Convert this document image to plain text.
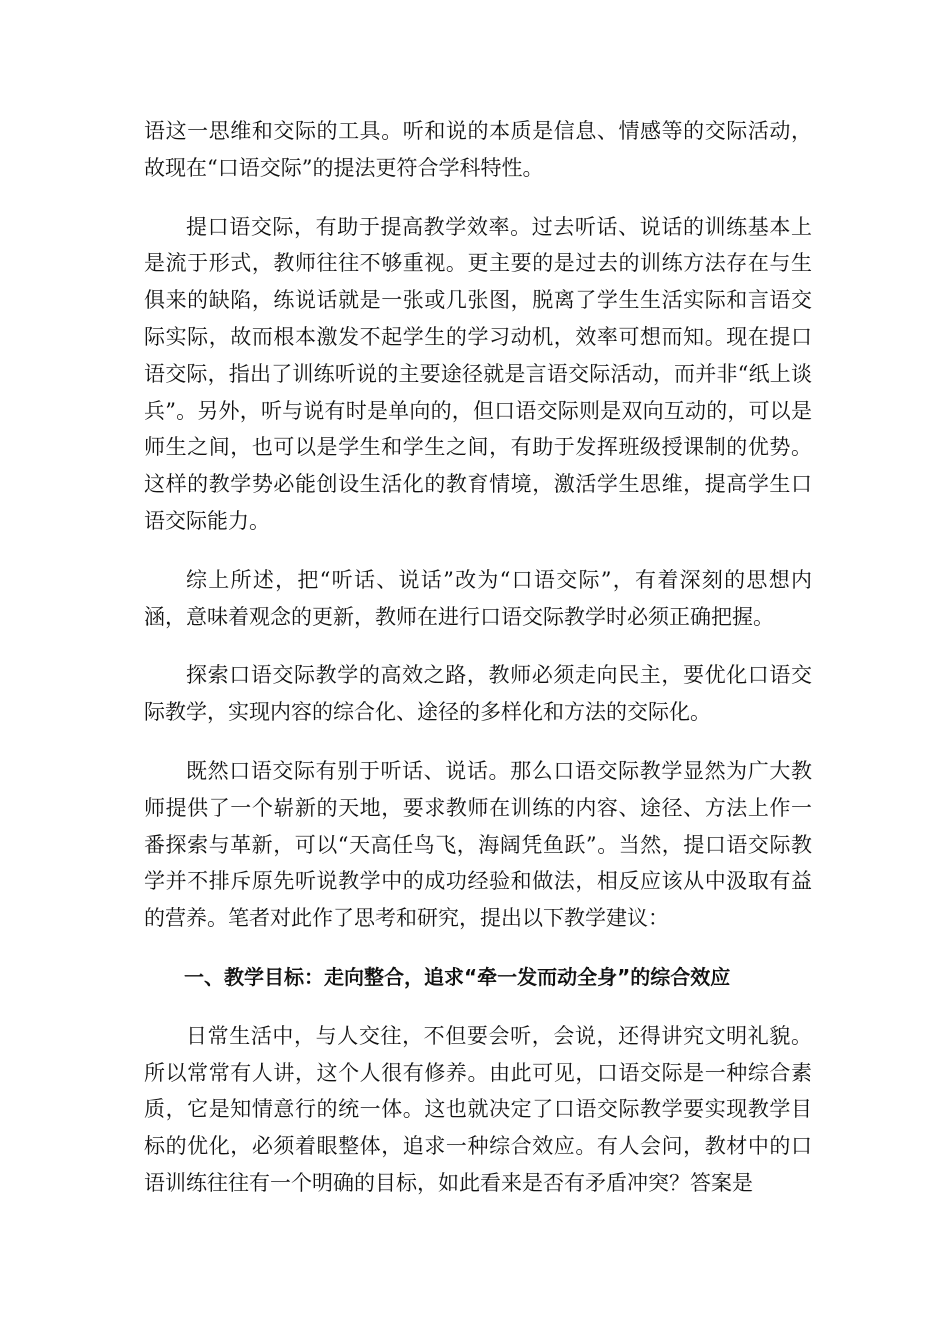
语这一思维和交际的工具。听和说的本质是信息、情感等的交际活动，故现在“口语交际”的提法更符合学科特性。

提口语交际，有助于提高教学效率。过去听话、说话的训练基本上是流于形式，教师往往不够重视。更主要的是过去的训练方法存在与生俱来的缺陷，练说话就是一张或几张图，脱离了学生生活实际和言语交际实际，故而根本激发不起学生的学习动机，效率可想而知。现在提口语交际，指出了训练听说的主要途径就是言语交际活动，而并非“纸上谈兵”。另外，听与说有时是单向的，但口语交际则是双向互动的，可以是师生之间，也可以是学生和学生之间，有助于发挥班级授课制的优势。这样的教学势必能创设生活化的教育情境，激活学生思维，提高学生口语交际能力。

综上所述，把“听话、说话”改为“口语交际”，有着深刻的思想内涵，意味着观念的更新，教师在进行口语交际教学时必须正确把握。

探索口语交际教学的高效之路，教师必须走向民主，要优化口语交际教学，实现内容的综合化、途径的多样化和方法的交际化。

既然口语交际有别于听话、说话。那么口语交际教学显然为广大教师提供了一个崭新的天地，要求教师在训练的内容、途径、方法上作一番探索与革新，可以“天高任鸟飞，海阔凭鱼跃”。当然，提口语交际教学并不排斥原先听说教学中的成功经验和做法，相反应该从中汲取有益的营养。笔者对此作了思考和研究，提出以下教学建议：

一、教学目标：走向整合，追求“牵一发而动全身”的综合效应

日常生活中，与人交往，不但要会听，会说，还得讲究文明礼貌。所以常常有人讲，这个人很有修养。由此可见，口语交际是一种综合素质，它是知情意行的统一体。这也就决定了口语交际教学要实现教学目标的优化，必须着眼整体，追求一种综合效应。有人会问，教材中的口语训练往往有一个明确的目标，如此看来是否有矛盾冲突？答案是
